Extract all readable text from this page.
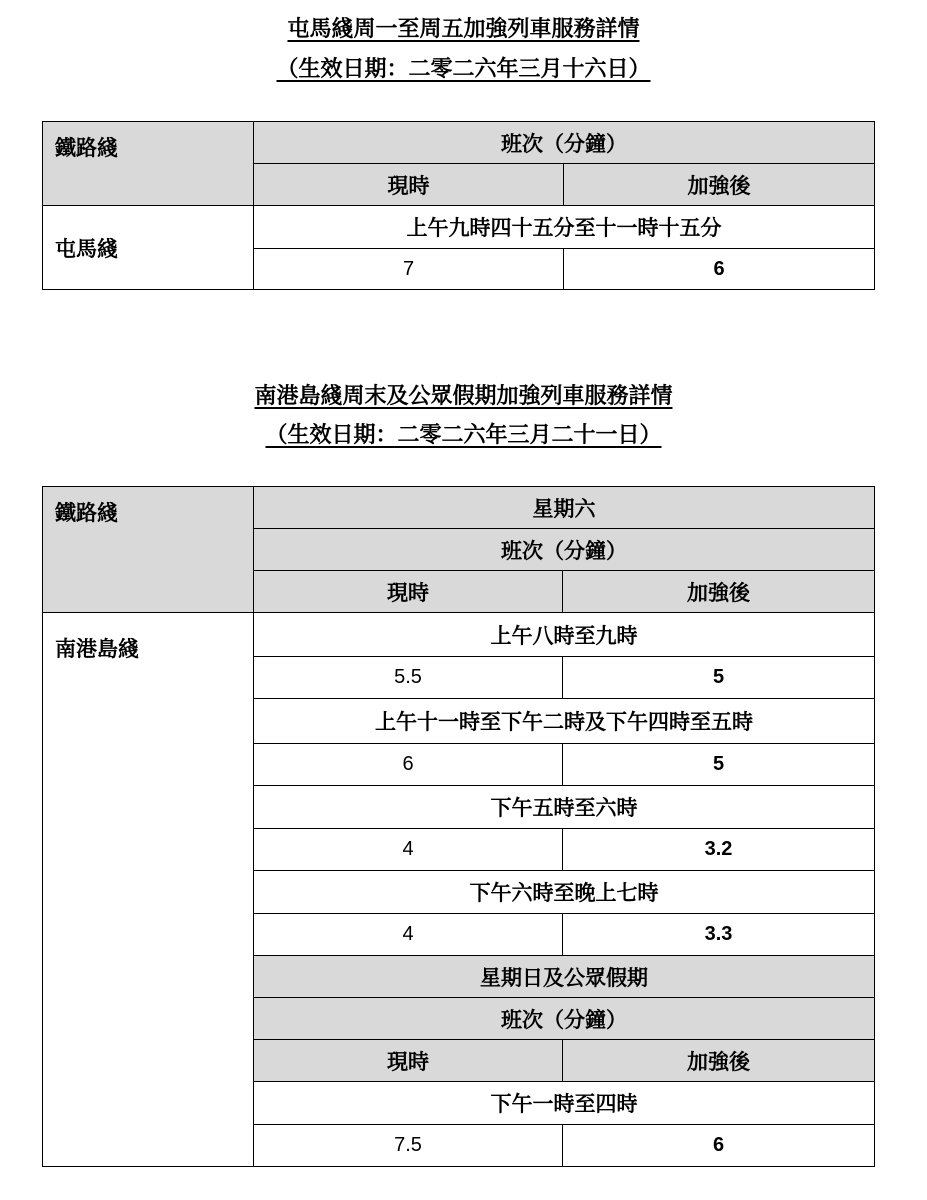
屯馬綫周一至周五加強列車服務詳情
（生效日期：二零二六年三月十六日）
鐵路綫	班次（分鐘）	
	現時	加強後
屯馬綫	上午九時四十五分至十一時十五分	
	7	6
南港島綫周末及公眾假期加強列車服務詳情
（生效日期：二零二六年三月二十一日）
鐵路綫	星期六	
	班次（分鐘）	
	現時	加強後
南港島綫	上午八時至九時	
	5.5	5
	上午十一時至下午二時及下午四時至五時	
	6	5
	下午五時至六時	
	4	3.2
	下午六時至晚上七時	
	4	3.3
	星期日及公眾假期	
	班次（分鐘）	
	現時	加強後
	下午一時至四時	
	7.5	6
